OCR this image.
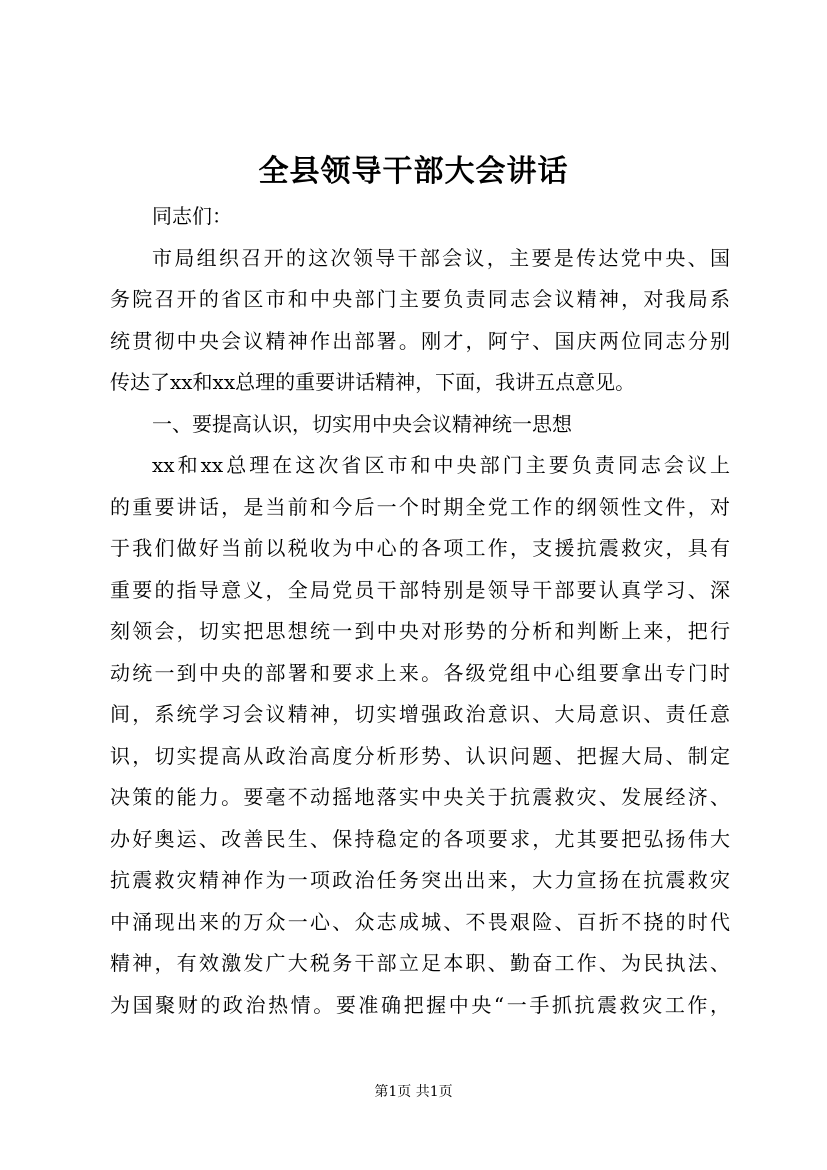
全县领导干部大会讲话
同志们：
市局组织召开的这次领导干部会议，主要是传达党中央、国
务院召开的省区市和中央部门主要负责同志会议精神，对我局系
统贯彻中央会议精神作出部署。刚才，阿宁、国庆两位同志分别
传达了xx和xx总理的重要讲话精神，下面，我讲五点意见。
一、要提高认识，切实用中央会议精神统一思想
xx和xx总理在这次省区市和中央部门主要负责同志会议上
的重要讲话，是当前和今后一个时期全党工作的纲领性文件，对
于我们做好当前以税收为中心的各项工作，支援抗震救灾，具有
重要的指导意义，全局党员干部特别是领导干部要认真学习、深
刻领会，切实把思想统一到中央对形势的分析和判断上来，把行
动统一到中央的部署和要求上来。各级党组中心组要拿出专门时
间，系统学习会议精神，切实增强政治意识、大局意识、责任意
识，切实提高从政治高度分析形势、认识问题、把握大局、制定
决策的能力。要毫不动摇地落实中央关于抗震救灾、发展经济、
办好奥运、改善民生、保持稳定的各项要求，尤其要把弘扬伟大
抗震救灾精神作为一项政治任务突出出来，大力宣扬在抗震救灾
中涌现出来的万众一心、众志成城、不畏艰险、百折不挠的时代
精神，有效激发广大税务干部立足本职、勤奋工作、为民执法、
为国聚财的政治热情。要准确把握中央“一手抓抗震救灾工作，
第1页 共1页
